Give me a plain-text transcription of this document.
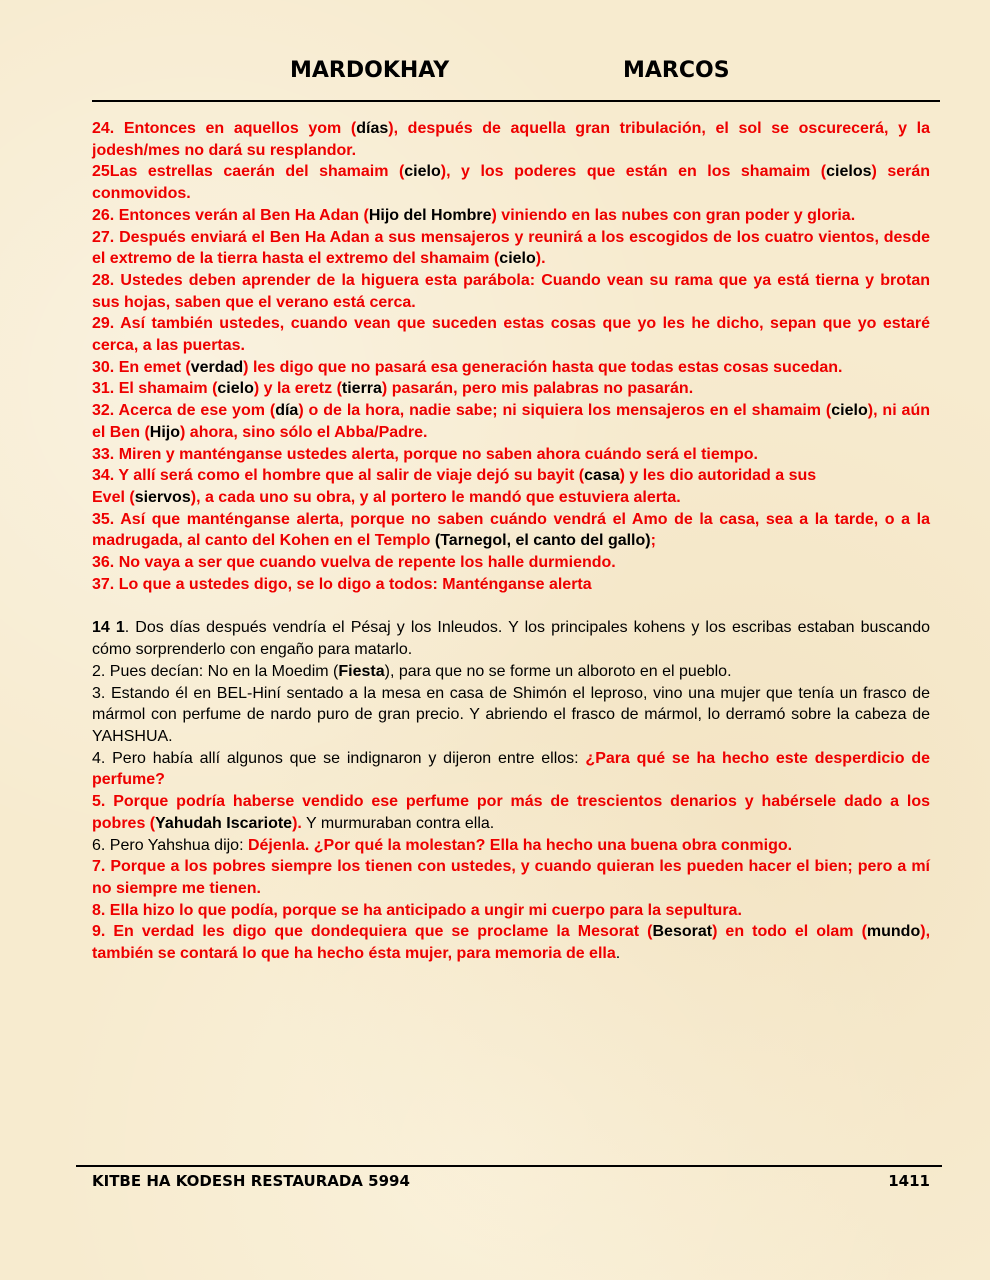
MARDOKHAY	MARCOS

24. Entonces en aquellos yom (días), después de aquella gran tribulación, el sol se oscurecerá, y la jodesh/mes no dará su resplandor.

25Las estrellas caerán del shamaim (cielo), y los poderes que están en los shamaim (cielos) serán conmovidos.

26. Entonces verán al Ben Ha Adan (Hijo del Hombre) viniendo en las nubes con gran poder y gloria.

27. Después enviará el Ben Ha Adan a sus mensajeros y reunirá a los escogidos de los cuatro vientos, desde el extremo de la tierra hasta el extremo del shamaim (cielo).

28. Ustedes deben aprender de la higuera esta parábola: Cuando vean su rama que ya está tierna y brotan sus hojas, saben que el verano está cerca.

29. Así también ustedes, cuando vean que suceden estas cosas que yo les he dicho, sepan que yo estaré cerca, a las puertas.

30. En emet (verdad) les digo que no pasará esa generación hasta que todas estas cosas sucedan.

31. El shamaim (cielo) y la eretz (tierra) pasarán, pero mis palabras no pasarán.

32. Acerca de ese yom (día) o de la hora, nadie sabe; ni siquiera los mensajeros en el shamaim (cielo), ni aún el Ben (Hijo) ahora, sino sólo el Abba/Padre.

33. Miren y manténganse ustedes alerta, porque no saben ahora cuándo será el tiempo.

34. Y allí será como el hombre que al salir de viaje dejó su bayit (casa) y les dio autoridad a sus

Evel (siervos), a cada uno su obra, y al portero le mandó que estuviera alerta.

35. Así que manténganse alerta, porque no saben cuándo vendrá el Amo de la casa, sea a la tarde, o a la madrugada, al canto del Kohen en el Templo (Tarnegol, el canto del gallo);

36. No vaya a ser que cuando vuelva de repente los halle durmiendo.

37. Lo que a ustedes digo, se lo digo a todos: Manténganse alerta

14 1. Dos días después vendría el Pésaj y los Inleudos. Y los principales kohens y los escribas estaban buscando cómo sorprenderlo con engaño para matarlo.

2. Pues decían: No en la Moedim (Fiesta), para que no se forme un alboroto en el pueblo.

3. Estando él en BEL-Hiní sentado a la mesa en casa de Shimón el leproso, vino una mujer que tenía un frasco de mármol con perfume de nardo puro de gran precio. Y abriendo el frasco de mármol, lo derramó sobre la cabeza de YAHSHUA.

4. Pero había allí algunos que se indignaron y dijeron entre ellos: ¿Para qué se ha hecho este desperdicio de perfume?

5. Porque podría haberse vendido ese perfume por más de trescientos denarios y habérsele dado a los pobres (Yahudah Iscariote). Y murmuraban contra ella.

6. Pero Yahshua dijo: Déjenla. ¿Por qué la molestan? Ella ha hecho una buena obra conmigo.

7. Porque a los pobres siempre los tienen con ustedes, y cuando quieran les pueden hacer el bien; pero a mí no siempre me tienen.

8. Ella hizo lo que podía, porque se ha anticipado a ungir mi cuerpo para la sepultura.

9. En verdad les digo que dondequiera que se proclame la Mesorat (Besorat) en todo el olam (mundo), también se contará lo que ha hecho ésta mujer, para memoria de ella.

KITBE HA KODESH RESTAURADA 5994	1411
